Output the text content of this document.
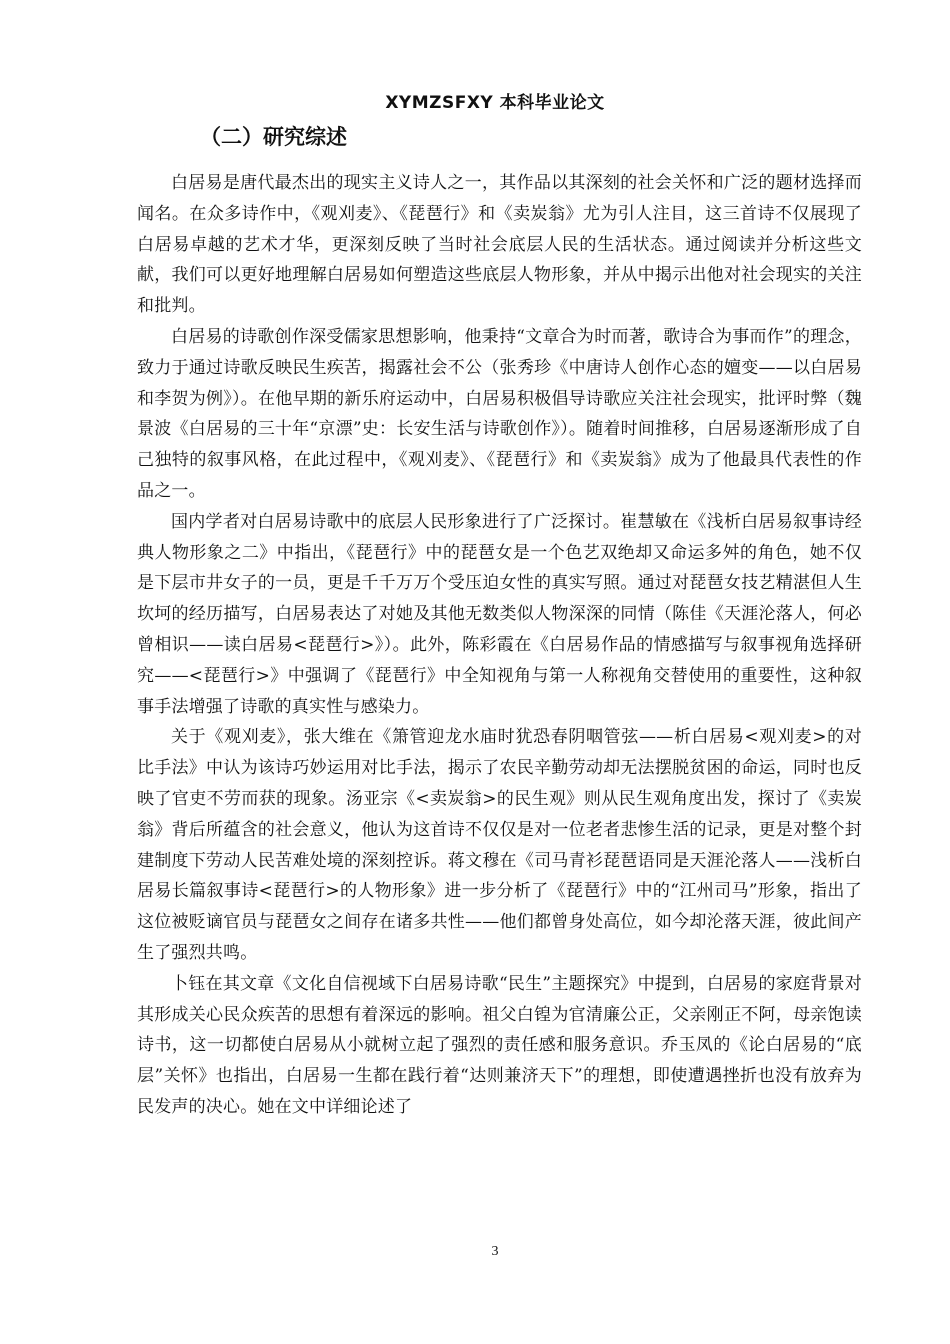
XYMZSFXY 本科毕业论文
（二）研究综述

白居易是唐代最杰出的现实主义诗人之一，其作品以其深刻的社会关怀和广泛的题材选择而闻名。在众多诗作中，《观刈麦》、《琵琶行》和《卖炭翁》尤为引人注目，这三首诗不仅展现了白居易卓越的艺术才华，更深刻反映了当时社会底层人民的生活状态。通过阅读并分析这些文献，我们可以更好地理解白居易如何塑造这些底层人物形象，并从中揭示出他对社会现实的关注和批判。

白居易的诗歌创作深受儒家思想影响，他秉持“文章合为时而著，歌诗合为事而作”的理念，致力于通过诗歌反映民生疾苦，揭露社会不公（张秀珍《中唐诗人创作心态的嬗变——以白居易和李贺为例》）。在他早期的新乐府运动中，白居易积极倡导诗歌应关注社会现实，批评时弊（魏景波《白居易的三十年“京漂”史：长安生活与诗歌创作》）。随着时间推移，白居易逐渐形成了自己独特的叙事风格，在此过程中，《观刈麦》、《琵琶行》和《卖炭翁》成为了他最具代表性的作品之一。

国内学者对白居易诗歌中的底层人民形象进行了广泛探讨。崔慧敏在《浅析白居易叙事诗经典人物形象之二》中指出，《琵琶行》中的琵琶女是一个色艺双绝却又命运多舛的角色，她不仅是下层市井女子的一员，更是千千万万个受压迫女性的真实写照。通过对琵琶女技艺精湛但人生坎坷的经历描写，白居易表达了对她及其他无数类似人物深深的同情（陈佳《天涯沦落人，何必曾相识——读白居易<琵琶行>》）。此外，陈彩霞在《白居易作品的情感描写与叙事视角选择研究——<琵琶行>》中强调了《琵琶行》中全知视角与第一人称视角交替使用的重要性，这种叙事手法增强了诗歌的真实性与感染力。

关于《观刈麦》，张大维在《箫管迎龙水庙时犹恐春阴咽管弦——析白居易<观刈麦>的对比手法》中认为该诗巧妙运用对比手法，揭示了农民辛勤劳动却无法摆脱贫困的命运，同时也反映了官吏不劳而获的现象。汤亚宗《<卖炭翁>的民生观》则从民生观角度出发，探讨了《卖炭翁》背后所蕴含的社会意义，他认为这首诗不仅仅是对一位老者悲惨生活的记录，更是对整个封建制度下劳动人民苦难处境的深刻控诉。蒋文穆在《司马青衫琵琶语同是天涯沦落人——浅析白居易长篇叙事诗<琵琶行>的人物形象》进一步分析了《琵琶行》中的“江州司马”形象，指出了这位被贬谪官员与琵琶女之间存在诸多共性——他们都曾身处高位，如今却沦落天涯，彼此间产生了强烈共鸣。

卜钰在其文章《文化自信视域下白居易诗歌“民生”主题探究》中提到，白居易的家庭背景对其形成关心民众疾苦的思想有着深远的影响。祖父白锽为官清廉公正，父亲刚正不阿，母亲饱读诗书，这一切都使白居易从小就树立起了强烈的责任感和服务意识。乔玉凤的《论白居易的“底层”关怀》也指出，白居易一生都在践行着“达则兼济天下”的理想，即使遭遇挫折也没有放弃为民发声的决心。她在文中详细论述了

3
